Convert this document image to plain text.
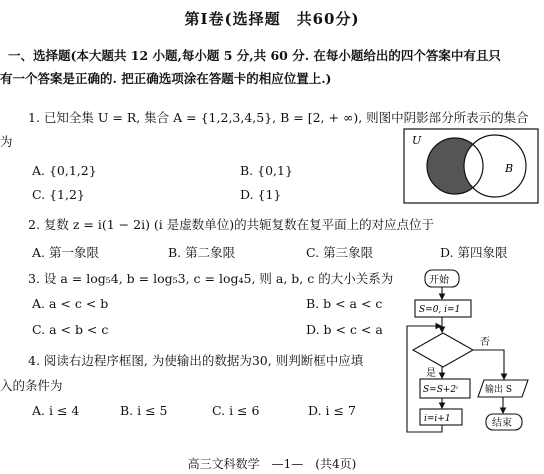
第Ⅰ卷(选择题　共60分)
一、选择题(本大题共 12 小题,每小题 5 分,共 60 分. 在每小题给出的四个答案中有且只
有一个答案是正确的. 把正确选项涂在答题卡的相应位置上.)
1. 已知全集 U = R, 集合 A = {1,2,3,4,5}, B = [2, + ∞), 则图中阴影部分所表示的集合
为
A. {0,1,2}	B. {0,1}
C. {1,2}	D. {1}
U
B
2. 复数 z = i(1 − 2i) (i 是虚数单位)的共轭复数在复平面上的对应点位于
A. 第一象限	B. 第二象限	C. 第三象限	D. 第四象限
3. 设 a = log₅4, b = log₅3, c = log₄5, 则 a, b, c 的大小关系为
A. a < c < b	B. b < a < c
C. a < b < c	D. b < c < a
4. 阅读右边程序框图, 为使输出的数据为30, 则判断框中应填
入的条件为
A. i ≤ 4	B. i ≤ 5	C. i ≤ 6	D. i ≤ 7
开始
S=0, i=1
否
是
S=S+2ⁱ
i=i+1
输出 S
结束
高三文科数学　—1—　(共4页)
